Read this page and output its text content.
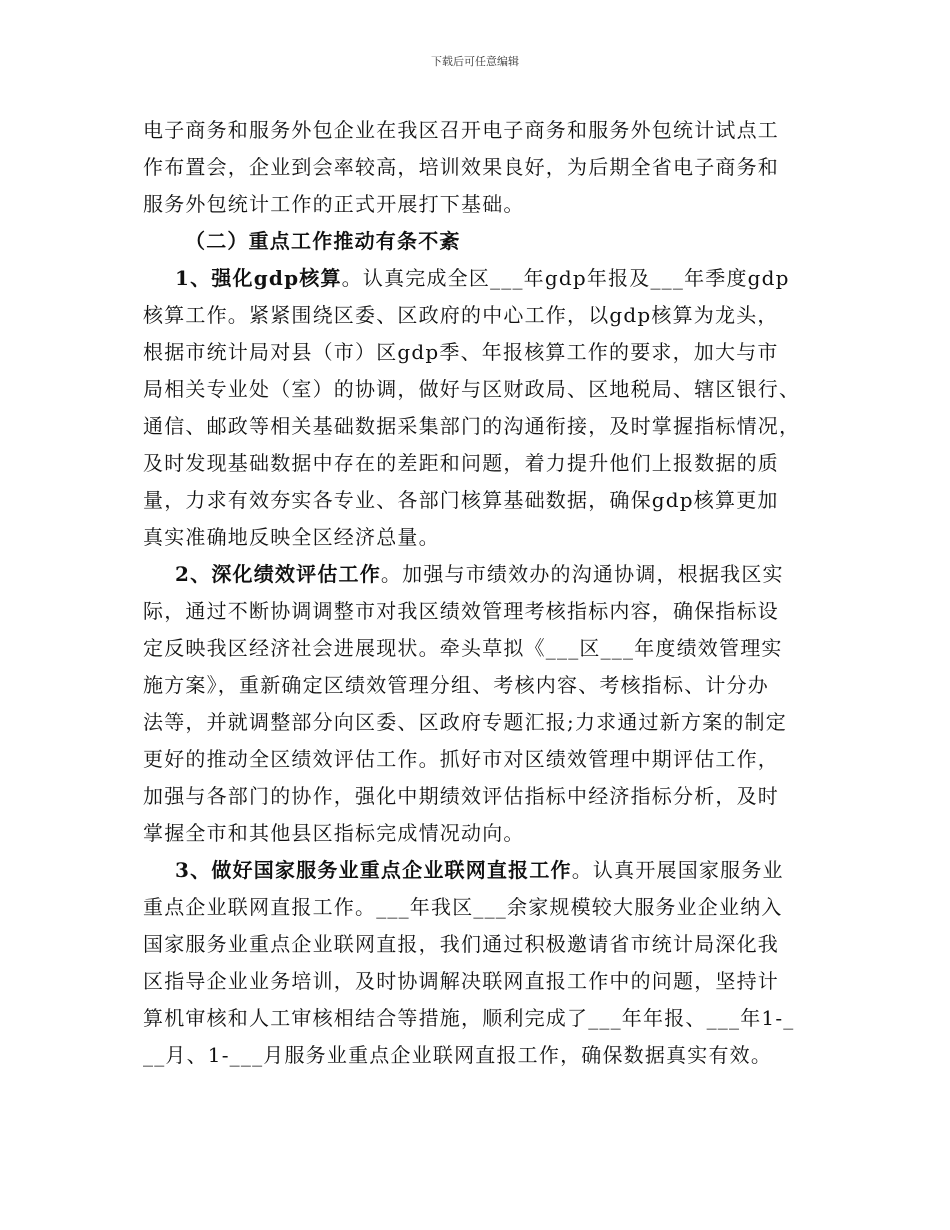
下载后可任意编辑
电子商务和服务外包企业在我区召开电子商务和服务外包统计试点工
作布置会，企业到会率较高，培训效果良好，为后期全省电子商务和
服务外包统计工作的正式开展打下基础。
（二）重点工作推动有条不紊
1、强化gdp核算。认真完成全区___年gdp年报及___年季度gdp
核算工作。紧紧围绕区委、区政府的中心工作，以gdp核算为龙头，
根据市统计局对县（市）区gdp季、年报核算工作的要求，加大与市
局相关专业处（室）的协调，做好与区财政局、区地税局、辖区银行、
通信、邮政等相关基础数据采集部门的沟通衔接，及时掌握指标情况，
及时发现基础数据中存在的差距和问题，着力提升他们上报数据的质
量，力求有效夯实各专业、各部门核算基础数据，确保gdp核算更加
真实准确地反映全区经济总量。
2、深化绩效评估工作。加强与市绩效办的沟通协调，根据我区实
际，通过不断协调调整市对我区绩效管理考核指标内容，确保指标设
定反映我区经济社会进展现状。牵头草拟《___区___年度绩效管理实
施方案》，重新确定区绩效管理分组、考核内容、考核指标、计分办
法等，并就调整部分向区委、区政府专题汇报;力求通过新方案的制定
更好的推动全区绩效评估工作。抓好市对区绩效管理中期评估工作，
加强与各部门的协作，强化中期绩效评估指标中经济指标分析，及时
掌握全市和其他县区指标完成情况动向。
3、做好国家服务业重点企业联网直报工作。认真开展国家服务业
重点企业联网直报工作。___年我区___余家规模较大服务业企业纳入
国家服务业重点企业联网直报，我们通过积极邀请省市统计局深化我
区指导企业业务培训，及时协调解决联网直报工作中的问题，坚持计
算机审核和人工审核相结合等措施，顺利完成了___年年报、___年1-_
__月、1-___月服务业重点企业联网直报工作，确保数据真实有效。
